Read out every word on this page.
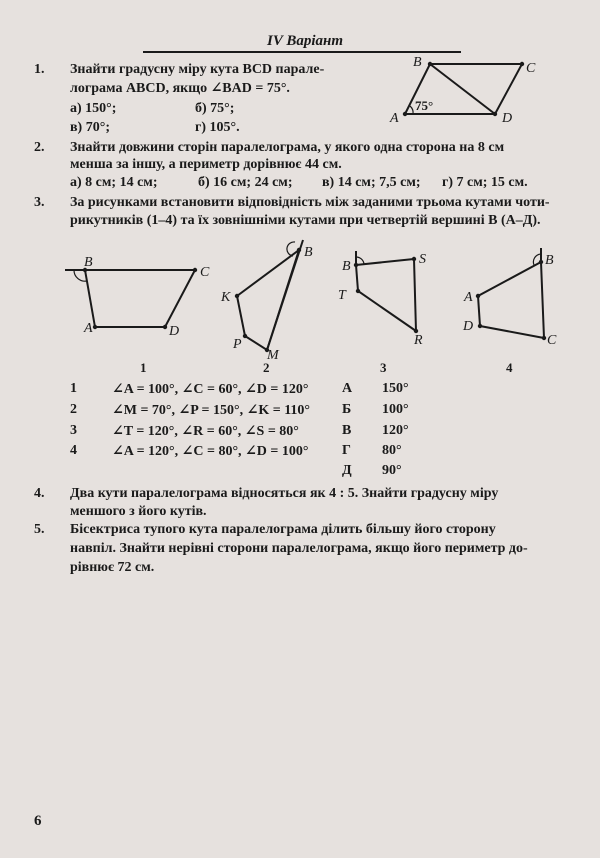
IV Варіант
1. Знайти градусну міру кута BCD парале-
лограма ABCD, якщо ∠BAD = 75°.
а) 150°;	б) 75°;
в) 70°;	г) 105°.
B	C
D
A
75°
2. Знайти довжини сторін паралелограма, у якого одна сторона на 8 см
менша за іншу, а периметр дорівнює 44 см.
а) 8 см; 14 см;	б) 16 см; 24 см; в) 14 см; 7,5 см; г) 7 см; 15 см.
3. За рисунками встановити відповідність між заданими трьома кутами чоти-
рикутників (1–4) та їх зовнішніми кутами при четвертій вершині B (А–Д).
B
C
D
A
1
B
K
P
M
2
B	S
T
R
3
B
A
D
C
4
1	∠A = 100°, ∠C = 60°, ∠D = 120° А 150°
2	∠M = 70°, ∠P = 150°, ∠K = 110° Б 100°
3	∠T = 120°, ∠R = 60°, ∠S = 80°	В 120°
4	∠A = 120°, ∠C = 80°, ∠D = 100° Г 80°
Д 90°
4. Два кути паралелограма відносяться як 4 : 5. Знайти градусну міру
меншого з його кутів.
5. Бісектриса тупого кута паралелограма ділить більшу його сторону
навпіл. Знайти нерівні сторони паралелограма, якщо його периметр до-
рівнює 72 см.
6
